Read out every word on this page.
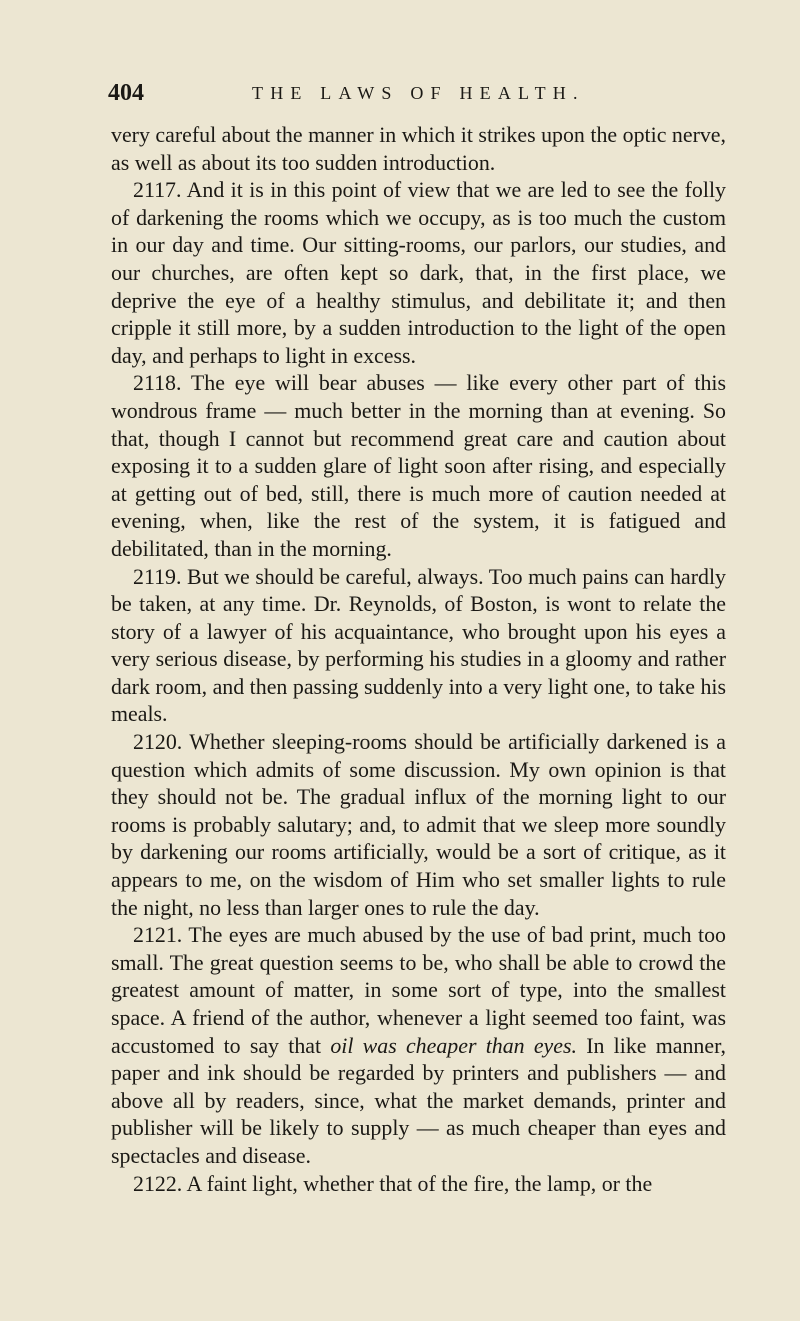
404	THE LAWS OF HEALTH.

very careful about the manner in which it strikes upon the optic nerve, as well as about its too sudden introduction.

2117. And it is in this point of view that we are led to see the folly of darkening the rooms which we occupy, as is too much the custom in our day and time. Our sitting-rooms, our parlors, our studies, and our churches, are often kept so dark, that, in the first place, we deprive the eye of a healthy stimulus, and debilitate it; and then cripple it still more, by a sudden introduction to the light of the open day, and perhaps to light in excess.

2118. The eye will bear abuses — like every other part of this wondrous frame — much better in the morning than at evening. So that, though I cannot but recommend great care and caution about exposing it to a sudden glare of light soon after rising, and especially at getting out of bed, still, there is much more of caution needed at evening, when, like the rest of the system, it is fatigued and debilitated, than in the morning.

2119. But we should be careful, always. Too much pains can hardly be taken, at any time. Dr. Reynolds, of Boston, is wont to relate the story of a lawyer of his acquaintance, who brought upon his eyes a very serious disease, by performing his studies in a gloomy and rather dark room, and then passing suddenly into a very light one, to take his meals.

2120. Whether sleeping-rooms should be artificially darkened is a question which admits of some discussion. My own opinion is that they should not be. The gradual influx of the morning light to our rooms is probably salutary; and, to admit that we sleep more soundly by darkening our rooms artificially, would be a sort of critique, as it appears to me, on the wisdom of Him who set smaller lights to rule the night, no less than larger ones to rule the day.

2121. The eyes are much abused by the use of bad print, much too small. The great question seems to be, who shall be able to crowd the greatest amount of matter, in some sort of type, into the smallest space. A friend of the author, whenever a light seemed too faint, was accustomed to say that oil was cheaper than eyes. In like manner, paper and ink should be regarded by printers and publishers — and above all by readers, since, what the market demands, printer and publisher will be likely to supply — as much cheaper than eyes and spectacles and disease.

2122. A faint light, whether that of the fire, the lamp, or the
